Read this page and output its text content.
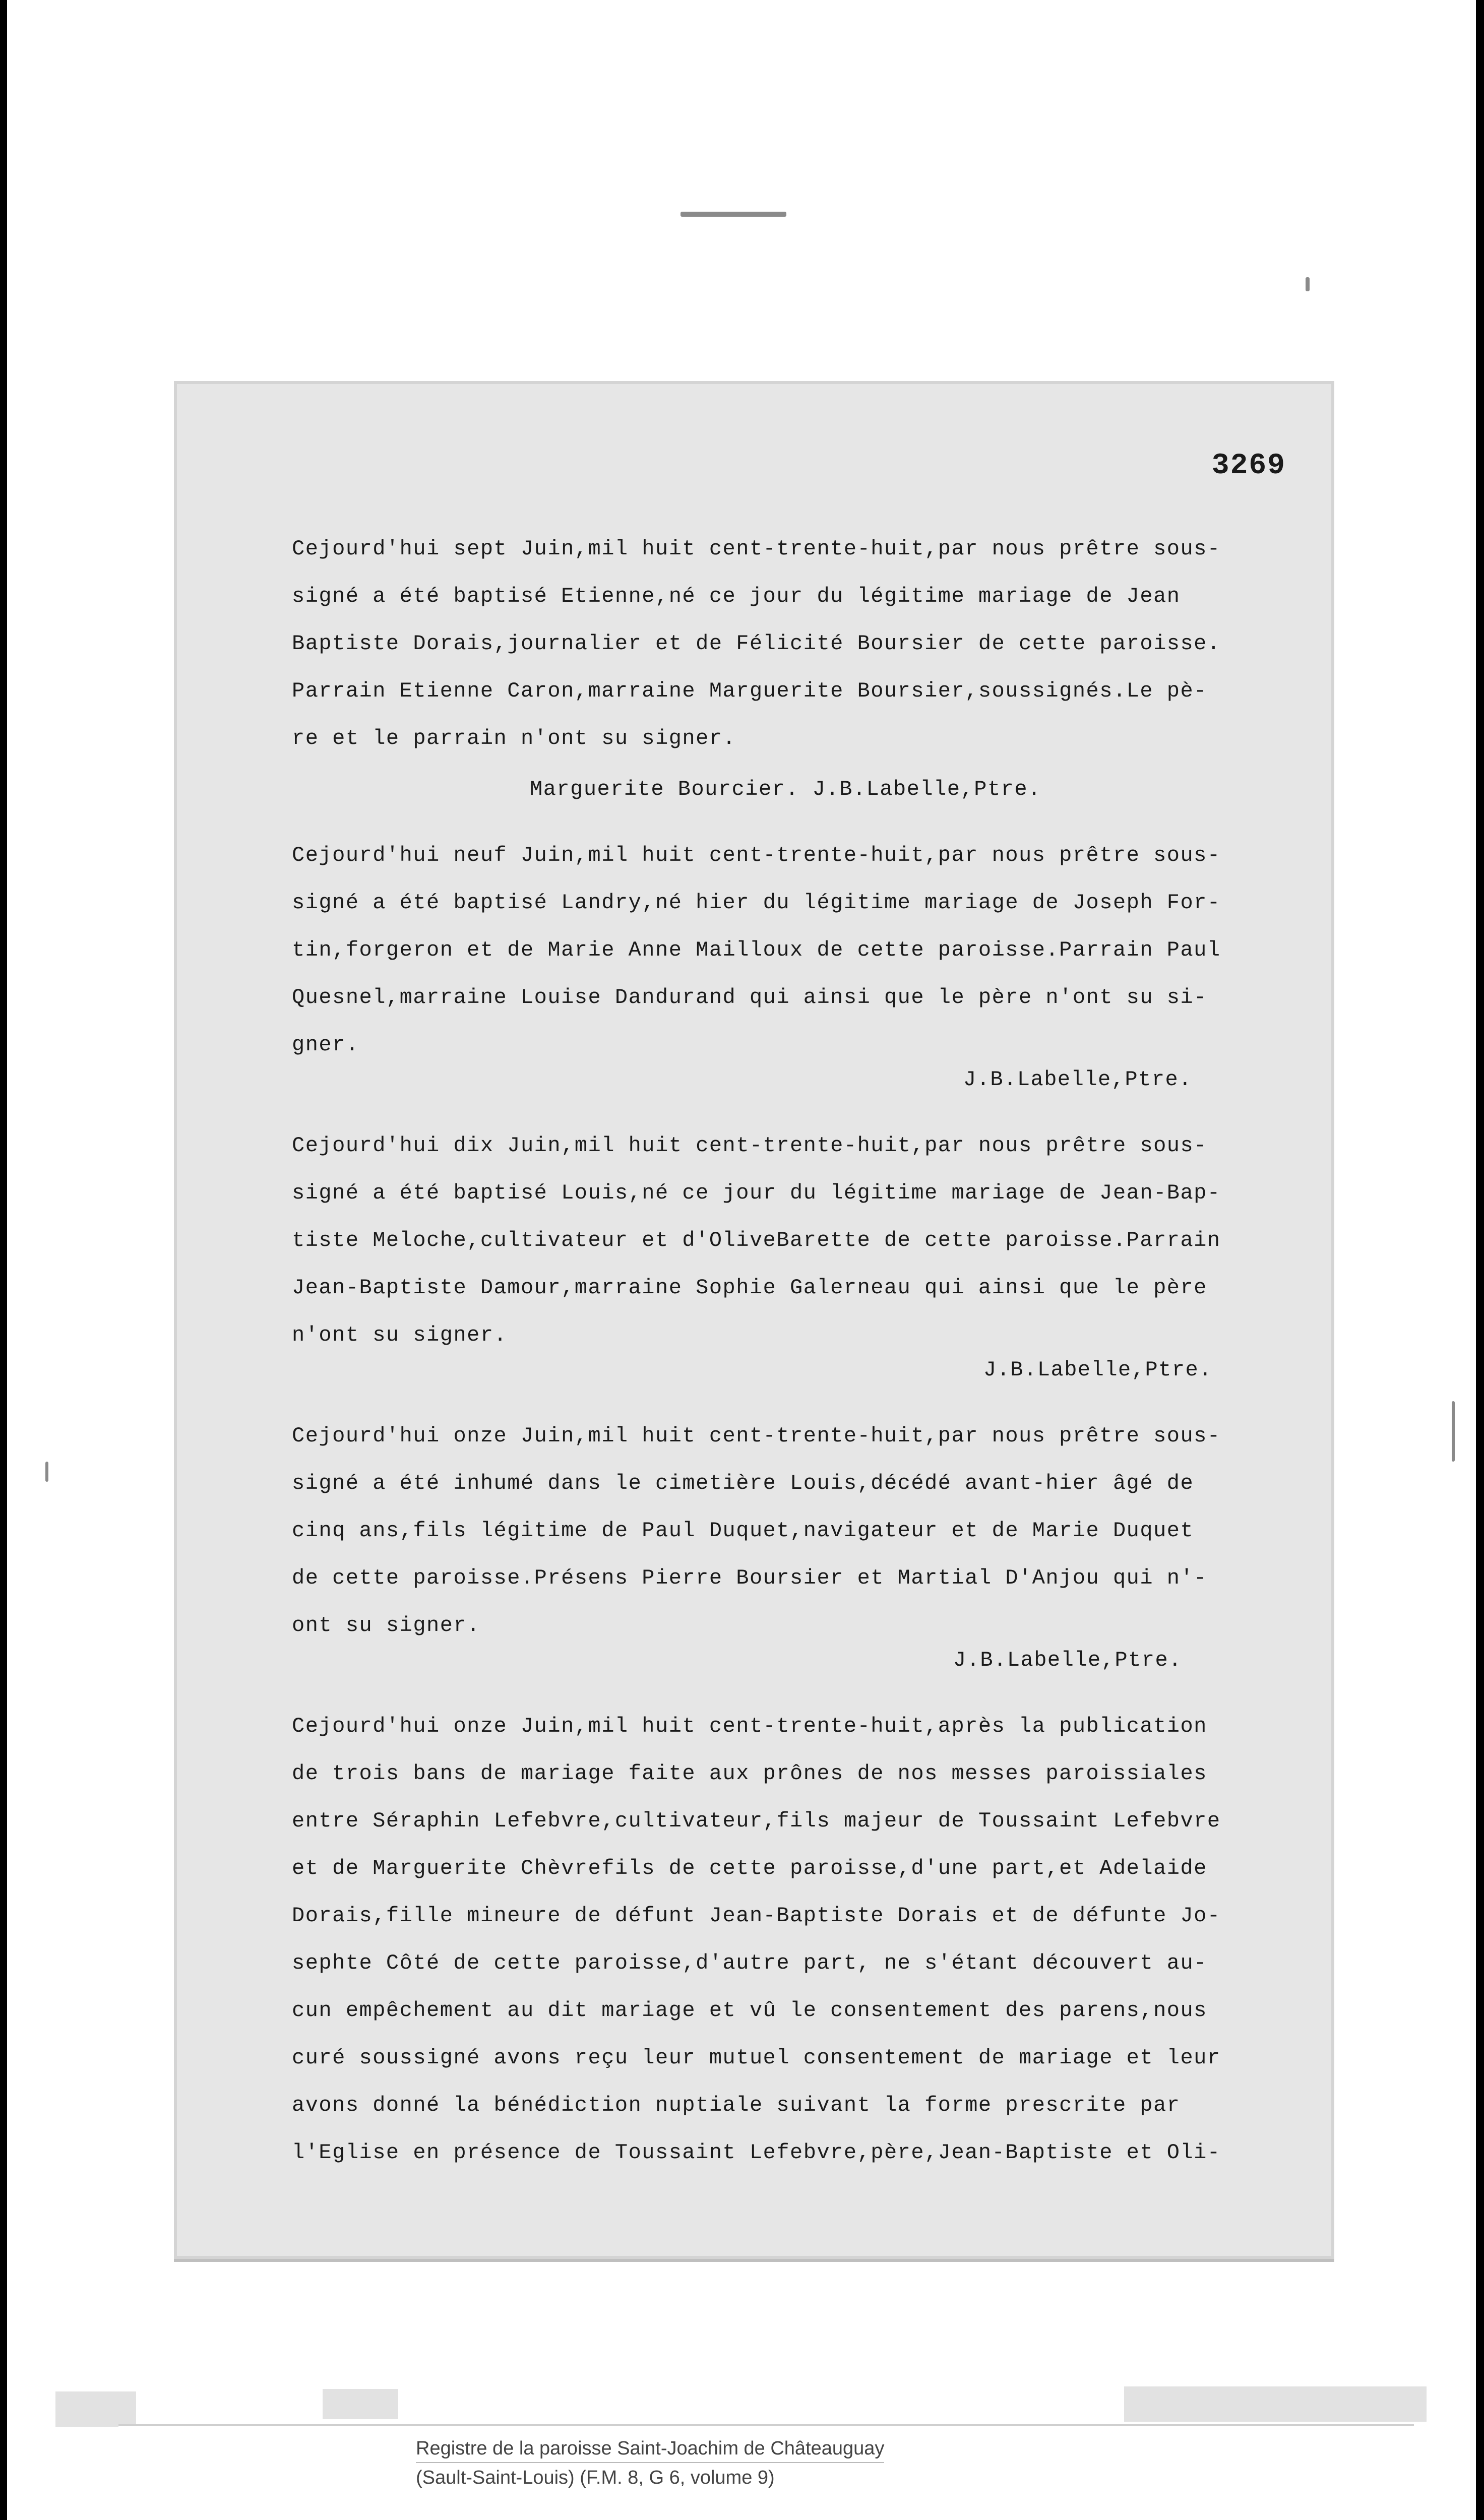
3269
Cejourd'hui sept Juin,mil huit cent-trente-huit,par nous prêtre sous-
signé a été baptisé Etienne,né ce jour du légitime mariage de Jean
Baptiste Dorais,journalier et de Félicité Boursier de cette paroisse.
Parrain Etienne Caron,marraine Marguerite Boursier,soussignés.Le pè-
re et le parrain n'ont su signer.
Marguerite Bourcier. J.B.Labelle,Ptre.
Cejourd'hui neuf Juin,mil huit cent-trente-huit,par nous prêtre sous-
signé a été baptisé Landry,né hier du légitime mariage de Joseph For-
tin,forgeron et de Marie Anne Mailloux de cette paroisse.Parrain Paul
Quesnel,marraine Louise Dandurand qui ainsi que le père n'ont su si-
gner.
J.B.Labelle,Ptre.
Cejourd'hui dix Juin,mil huit cent-trente-huit,par nous prêtre sous-
signé a été baptisé Louis,né ce jour du légitime mariage de Jean-Bap-
tiste Meloche,cultivateur et d'OliveBarette de cette paroisse.Parrain
Jean-Baptiste Damour,marraine Sophie Galerneau qui ainsi que le père
n'ont su signer.
J.B.Labelle,Ptre.
Cejourd'hui onze Juin,mil huit cent-trente-huit,par nous prêtre sous-
signé a été inhumé dans le cimetière Louis,décédé avant-hier âgé de
cinq ans,fils légitime de Paul Duquet,navigateur et de Marie Duquet
de cette paroisse.Présens Pierre Boursier et Martial D'Anjou qui n'-
ont su signer.
J.B.Labelle,Ptre.
Cejourd'hui onze Juin,mil huit cent-trente-huit,après la publication
de trois bans de mariage faite aux prônes de nos messes paroissiales
entre Séraphin Lefebvre,cultivateur,fils majeur de Toussaint Lefebvre
et de Marguerite Chèvrefils de cette paroisse,d'une part,et Adelaide
Dorais,fille mineure de défunt Jean-Baptiste Dorais et de défunte Jo-
sephte Côté de cette paroisse,d'autre part, ne s'étant découvert au-
cun empêchement au dit mariage et vû le consentement des parens,nous
curé soussigné avons reçu leur mutuel consentement de mariage et leur
avons donné la bénédiction nuptiale suivant la forme prescrite par
l'Eglise en présence de Toussaint Lefebvre,père,Jean-Baptiste et Oli-
Registre de la paroisse Saint-Joachim de Châteauguay
(Sault-Saint-Louis) (F.M. 8, G 6, volume 9)
